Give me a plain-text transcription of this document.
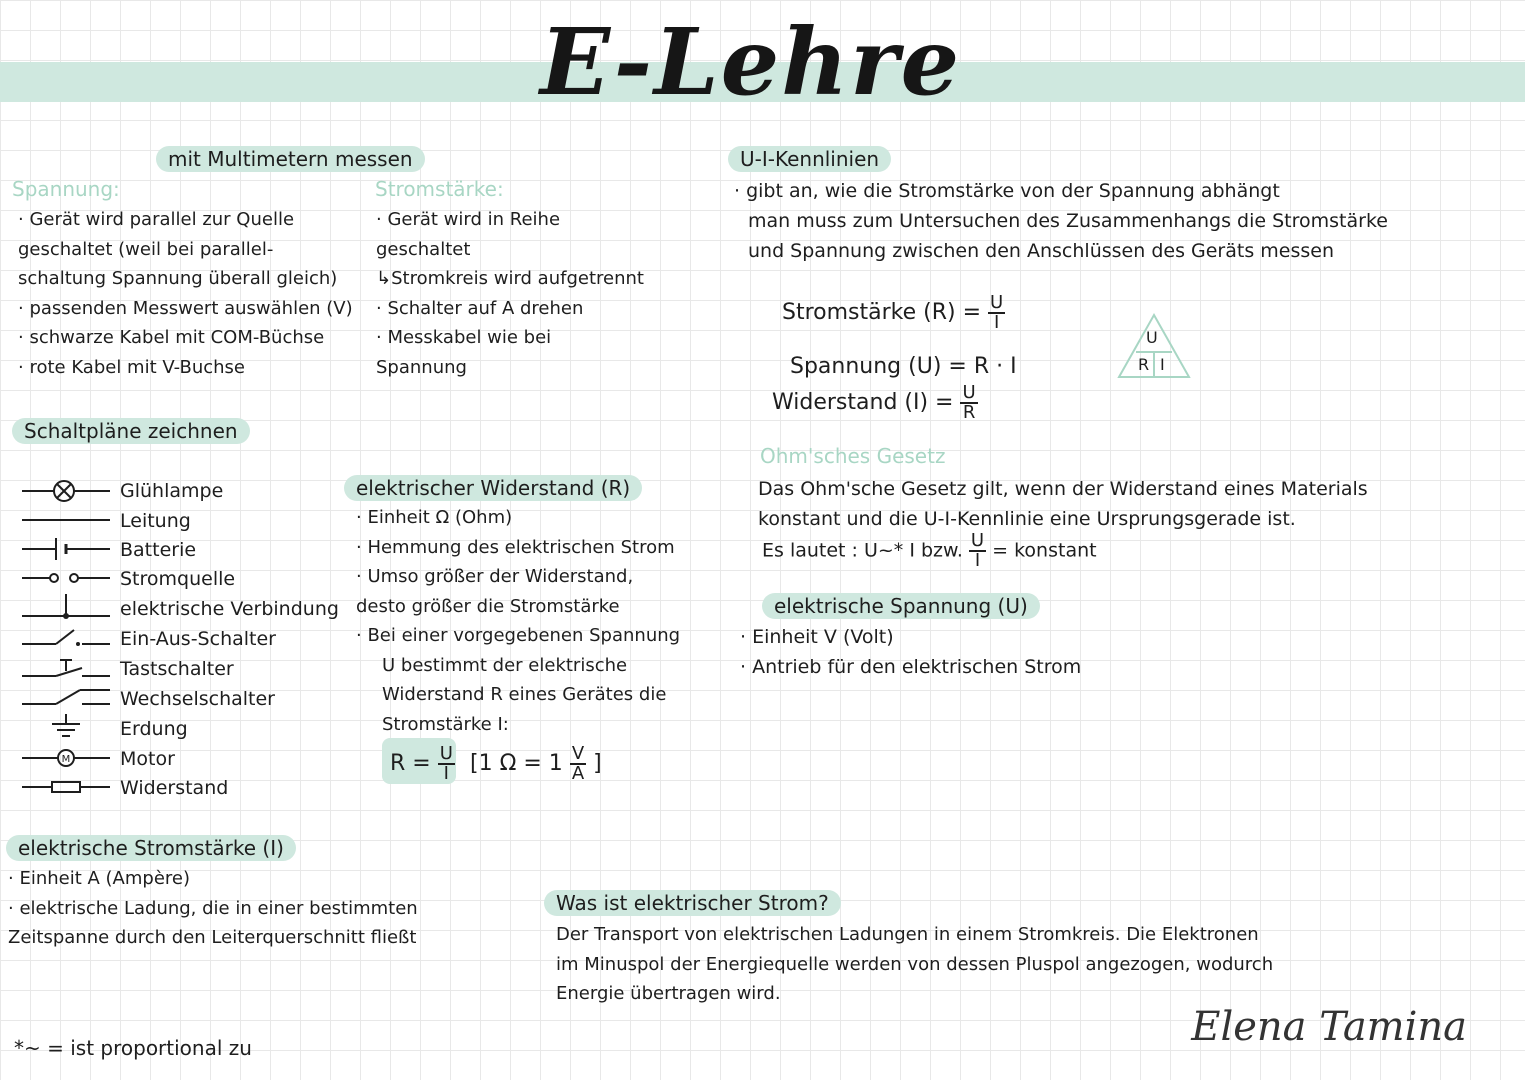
E-Lehre
mit Multimetern messen
Spannung:
· Gerät wird parallel zur Quelle
geschaltet (weil bei parallel-
schaltung Spannung überall gleich)
· passenden Messwert auswählen (V)
· schwarze Kabel mit COM-Büchse
· rote Kabel mit V-Buchse
Stromstärke:
· Gerät wird in Reihe
geschaltet
↳Stromkreis wird aufgetrennt
· Schalter auf A drehen
· Messkabel wie bei
Spannung
Schaltpläne zeichnen
Glühlampe
Leitung
Batterie
Stromquelle
elektrische Verbindung
Ein-Aus-Schalter
Tastschalter
Wechselschalter
Erdung
M	Motor
Widerstand
elektrischer Widerstand (R)
· Einheit Ω (Ohm)
· Hemmung des elektrischen Strom
· Umso größer der Widerstand,
desto größer die Stromstärke
· Bei einer vorgegebenen Spannung
U bestimmt der elektrische
Widerstand R eines Gerätes die
Stromstärke I:
$R = \frac{U}{I} [1$ $\Omega = 1 \frac{V}{A}$ ]
elektrische Stromstärke (I)
· Einheit A (Ampère)
· elektrische Ladung, die in einer bestimmten
Zeitspanne durch den Leiterquerschnitt fließt
U-I-Kennlinien
· gibt an, wie die Stromstärke von der Spannung abhängt
man muss zum Untersuchen des Zusammenhangs die Stromstärke
und Spannung zwischen den Anschlüssen des Geräts messen
Stromstärke $(R) = \frac{U}{I}$
Spannung (U) = R · I
Widerstand $(I) = \frac{U}{R}$
U
R I
Ohm'sches Gesetz
Das Ohm'sche Gesetz gilt, wenn der Widerstand eines Materials
konstant und die U-I-Kennlinie eine Ursprungsgerade ist.
Es lautet : U~* I bzw. $\frac{U}{I}$ = konstant
elektrische Spannung (U)
· Einheit V (Volt)
· Antrieb für den elektrischen Strom
Was ist elektrischer Strom?
Der Transport von elektrischen Ladungen in einem Stromkreis. Die Elektronen
im Minuspol der Energiequelle werden von dessen Pluspol angezogen, wodurch
Energie übertragen wird.
*~ = ist proportional zu	Elena Tamina
